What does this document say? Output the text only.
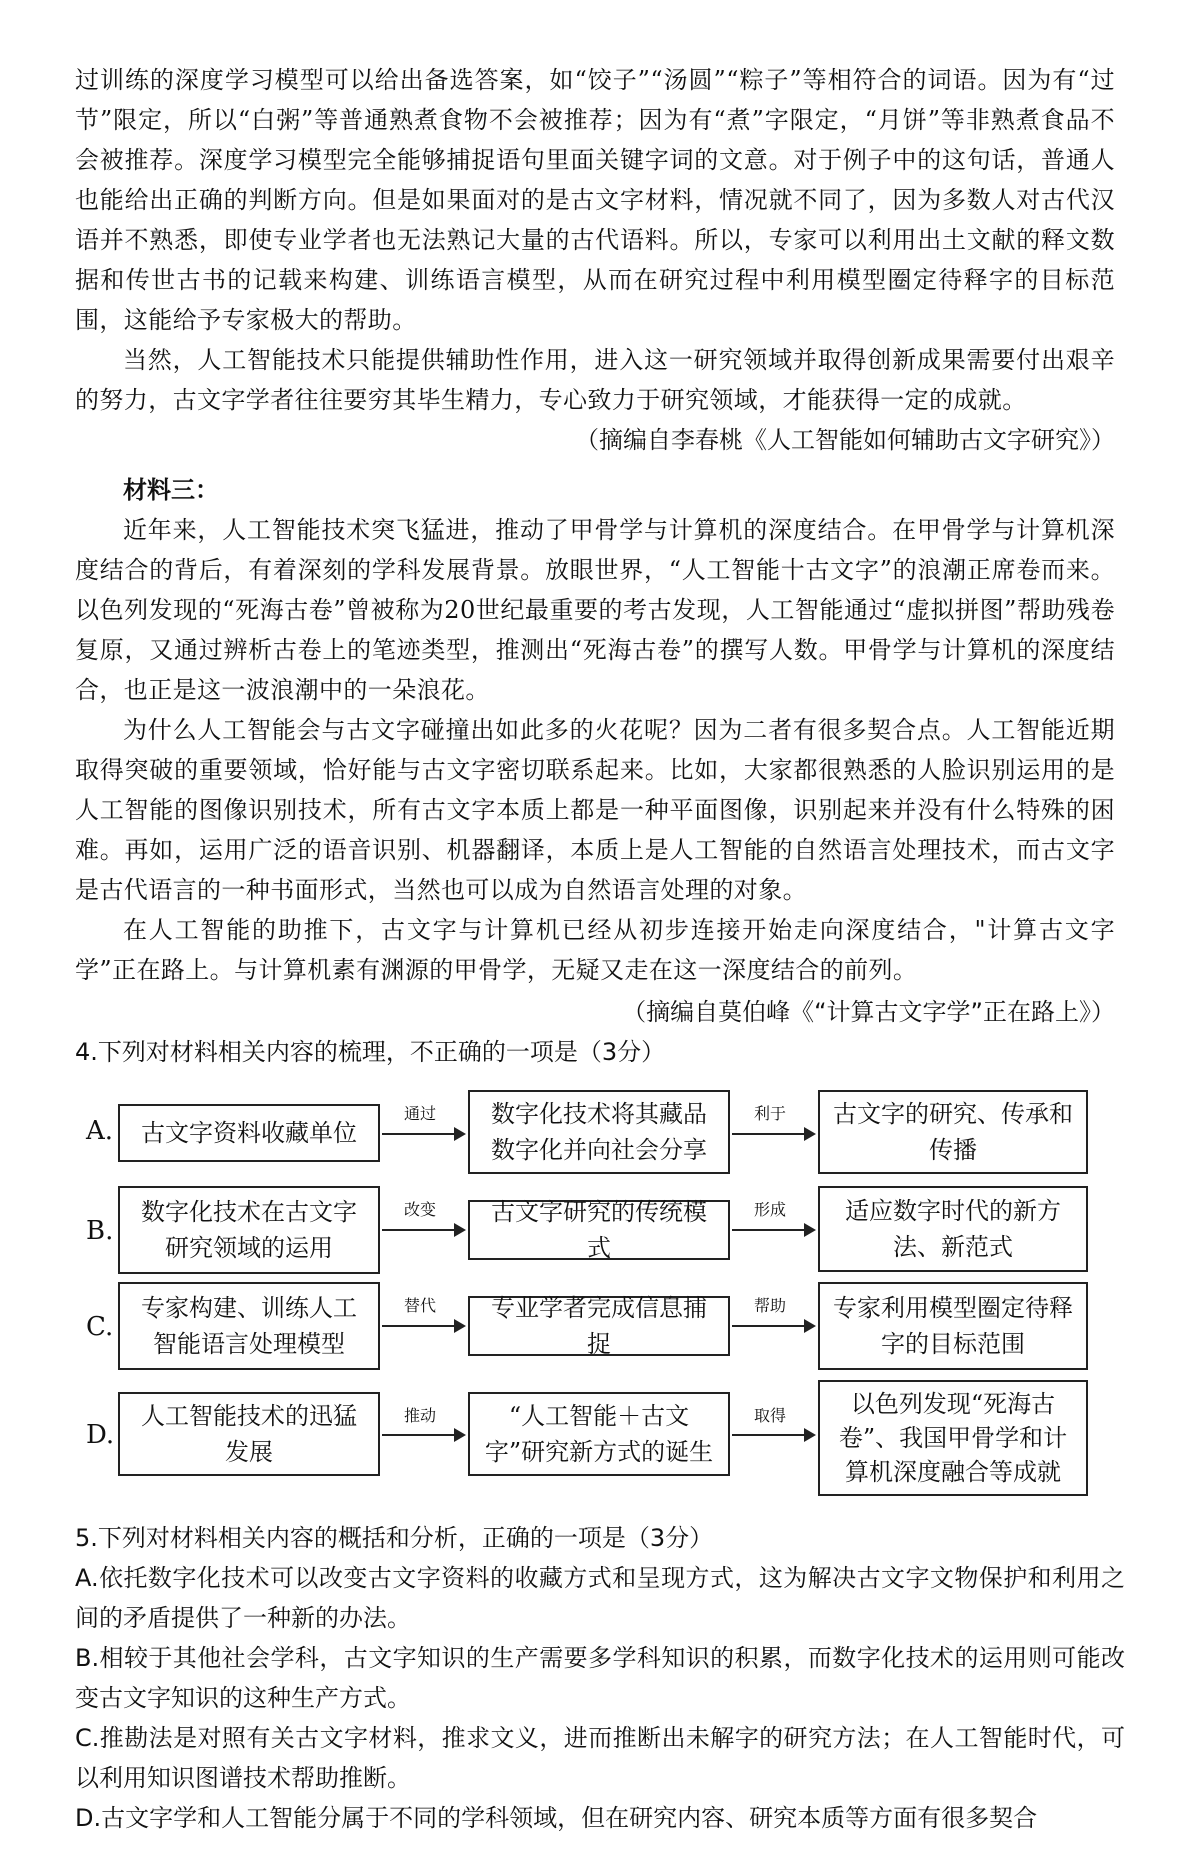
过训练的深度学习模型可以给出备选答案，如“饺子”“汤圆”“粽子”等相符合的词语。因为有“过节”限定，所以“白粥”等普通熟煮食物不会被推荐；因为有“煮”字限定，“月饼”等非熟煮食品不会被推荐。深度学习模型完全能够捕捉语句里面关键字词的文意。对于例子中的这句话，普通人也能给出正确的判断方向。但是如果面对的是古文字材料，情况就不同了，因为多数人对古代汉语并不熟悉，即使专业学者也无法熟记大量的古代语料。所以，专家可以利用出土文献的释文数据和传世古书的记载来构建、训练语言模型，从而在研究过程中利用模型圈定待释字的目标范围，这能给予专家极大的帮助。
当然，人工智能技术只能提供辅助性作用，进入这一研究领域并取得创新成果需要付出艰辛的努力，古文字学者往往要穷其毕生精力，专心致力于研究领域，才能获得一定的成就。
（摘编自李春桃《人工智能如何辅助古文字研究》）
材料三：
近年来，人工智能技术突飞猛进，推动了甲骨学与计算机的深度结合。在甲骨学与计算机深度结合的背后，有着深刻的学科发展背景。放眼世界，“人工智能十古文字”的浪潮正席卷而来。以色列发现的“死海古卷”曾被称为20世纪最重要的考古发现，人工智能通过“虚拟拼图”帮助残卷复原，又通过辨析古卷上的笔迹类型，推测出“死海古卷”的撰写人数。甲骨学与计算机的深度结合，也正是这一波浪潮中的一朵浪花。
为什么人工智能会与古文字碰撞出如此多的火花呢？因为二者有很多契合点。人工智能近期取得突破的重要领域，恰好能与古文字密切联系起来。比如，大家都很熟悉的人脸识别运用的是人工智能的图像识别技术，所有古文字本质上都是一种平面图像，识别起来并没有什么特殊的困难。再如，运用广泛的语音识别、机器翻译，本质上是人工智能的自然语言处理技术，而古文字是古代语言的一种书面形式，当然也可以成为自然语言处理的对象。
在人工智能的助推下，古文字与计算机已经从初步连接开始走向深度结合，"计算古文字学”正在路上。与计算机素有渊源的甲骨学，无疑又走在这一深度结合的前列。
（摘编自莫伯峰《“计算古文字学”正在路上》）
4.下列对材料相关内容的梳理，不正确的一项是（3分）
A.	古文字资料收藏单位
通过	数字化技术将其藏品数字化并向社会分享
利于	古文字的研究、传承和传播
B.
数字化技术在古文字研究领域的运用
改变	古文字研究的传统模式
形成	适应数字时代的新方法、新范式
C.
专家构建、训练人工智能语言处理模型
替代	专业学者完成信息捕捉
帮助	专家利用模型圈定待释字的目标范围
D.
人工智能技术的迅猛发展
推动	“人工智能＋古文字”研究新方式的诞生
取得	以色列发现“死海古卷”、我国甲骨学和计算机深度融合等成就
5.下列对材料相关内容的概括和分析，正确的一项是（3分）
A.依托数字化技术可以改变古文字资料的收藏方式和呈现方式，这为解决古文字文物保护和利用之间的矛盾提供了一种新的办法。
B.相较于其他社会学科，古文字知识的生产需要多学科知识的积累，而数字化技术的运用则可能改变古文字知识的这种生产方式。
C.推勘法是对照有关古文字材料，推求文义，进而推断出未解字的研究方法；在人工智能时代，可以利用知识图谱技术帮助推断。
D.古文字学和人工智能分属于不同的学科领域，但在研究内容、研究本质等方面有很多契合
